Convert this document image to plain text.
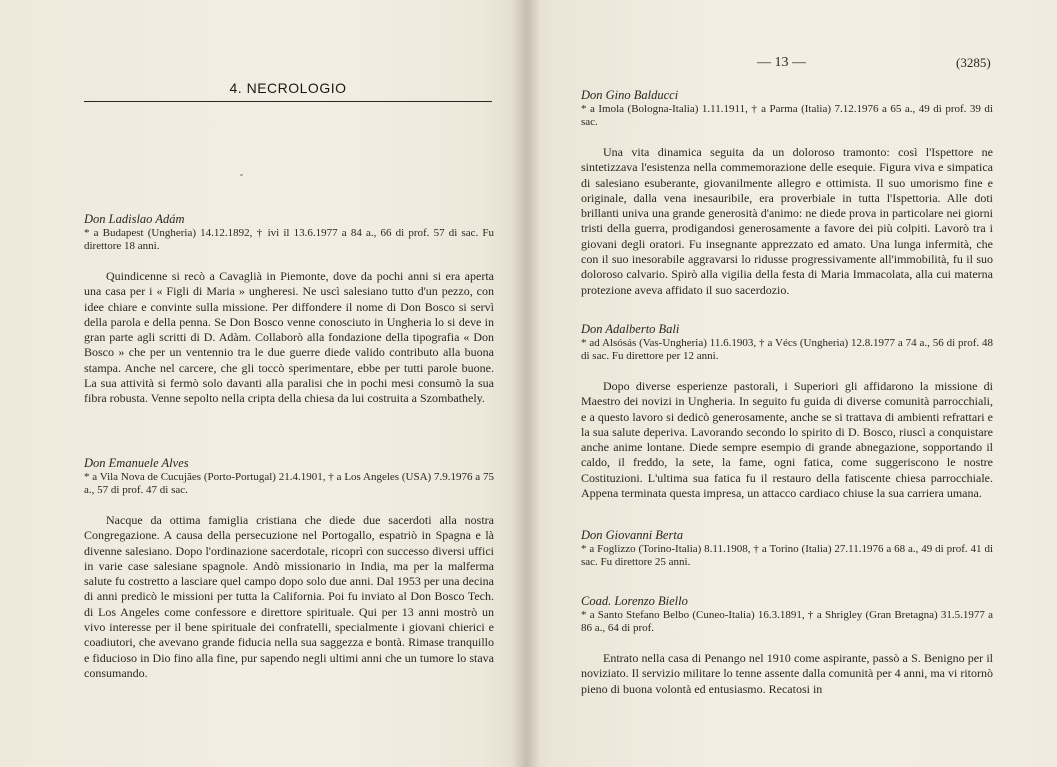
4. NECROLOGIO

Don Ladislao Adám

* a Budapest (Ungheria) 14.12.1892, † ivi il 13.6.1977 a 84 a., 66 di prof. 57 di sac. Fu direttore 18 anni.

Quindicenne si recò a Cavaglià in Piemonte, dove da pochi anni si era aperta una casa per i « Figli di Maria » ungheresi. Ne uscì salesiano tutto d'un pezzo, con idee chiare e convinte sulla missione. Per diffondere il nome di Don Bosco si servì della parola e della penna. Se Don Bosco venne conosciuto in Ungheria lo si deve in gran parte agli scritti di D. Adàm. Collaborò alla fondazione della tipografia « Don Bosco » che per un ventennio tra le due guerre diede valido contributo alla buona stampa. Anche nel carcere, che gli toccò sperimentare, ebbe per tutti parole buone. La sua attività si fermò solo davanti alla paralisi che in pochi mesi consumò la sua fibra robusta. Venne sepolto nella cripta della chiesa da lui costruita a Szombathely.

Don Emanuele Alves

* a Vila Nova de Cucujães (Porto-Portugal) 21.4.1901, † a Los Angeles (USA) 7.9.1976 a 75 a., 57 di prof. 47 di sac.

Nacque da ottima famiglia cristiana che diede due sacerdoti alla nostra Congregazione. A causa della persecuzione nel Portogallo, espatriò in Spagna e là divenne salesiano. Dopo l'ordinazione sacerdotale, ricoprì con successo diversi uffici in varie case salesiane spagnole. Andò missionario in India, ma per la malferma salute fu costretto a lasciare quel campo dopo solo due anni. Dal 1953 per una decina di anni predicò le missioni per tutta la California. Poi fu inviato al Don Bosco Tech. di Los Angeles come confessore e direttore spirituale. Qui per 13 anni mostrò un vivo interesse per il bene spirituale dei confratelli, specialmente i giovani chierici e coadiutori, che avevano grande fiducia nella sua saggezza e bontà. Rimase tranquillo e fiducioso in Dio fino alla fine, pur sapendo negli ultimi anni che un tumore lo stava consumando.

— 13 —	(3285)

Don Gino Balducci

* a Imola (Bologna-Italia) 1.11.1911, † a Parma (Italia) 7.12.1976 a 65 a., 49 di prof. 39 di sac.

Una vita dinamica seguita da un doloroso tramonto: così l'Ispettore ne sintetizzava l'esistenza nella commemorazione delle esequie. Figura viva e simpatica di salesiano esuberante, giovanilmente allegro e ottimista. Il suo umorismo fine e originale, dalla vena inesauribile, era proverbiale in tutta l'Ispettoria. Alle doti brillanti univa una grande generosità d'animo: ne diede prova in particolare nei giorni tristi della guerra, prodigandosi generosamente a favore dei più colpiti. Lavorò tra i giovani degli oratori. Fu insegnante apprezzato ed amato. Una lunga infermità, che con il suo inesorabile aggravarsi lo ridusse progressivamente all'immobilità, fu il suo doloroso calvario. Spirò alla vigilia della festa di Maria Immacolata, alla cui materna protezione aveva affidato il suo sacerdozio.

Don Adalberto Bali

* ad Alsósás (Vas-Ungheria) 11.6.1903, † a Vécs (Ungheria) 12.8.1977 a 74 a., 56 di prof. 48 di sac. Fu direttore per 12 anni.

Dopo diverse esperienze pastorali, i Superiori gli affidarono la missione di Maestro dei novizi in Ungheria. In seguito fu guida di diverse comunità parrocchiali, e a questo lavoro si dedicò generosamente, anche se si trattava di ambienti refrattari e la sua salute deperiva. Lavorando secondo lo spirito di D. Bosco, riuscì a conquistare anche anime lontane. Diede sempre esempio di grande abnegazione, sopportando il caldo, il freddo, la sete, la fame, ogni fatica, come suggeriscono le nostre Costituzioni. L'ultima sua fatica fu il restauro della fatiscente chiesa parrocchiale. Appena terminata questa impresa, un attacco cardiaco chiuse la sua carriera umana.

Don Giovanni Berta

* a Foglizzo (Torino-Italia) 8.11.1908, † a Torino (Italia) 27.11.1976 a 68 a., 49 di prof. 41 di sac. Fu direttore 25 anni.

Coad. Lorenzo Biello

* a Santo Stefano Belbo (Cuneo-Italia) 16.3.1891, † a Shrigley (Gran Bretagna) 31.5.1977 a 86 a., 64 di prof.

Entrato nella casa di Penango nel 1910 come aspirante, passò a S. Benigno per il noviziato. Il servizio militare lo tenne assente dalla comunità per 4 anni, ma vi ritornò pieno di buona volontà ed entusiasmo. Recatosi in
